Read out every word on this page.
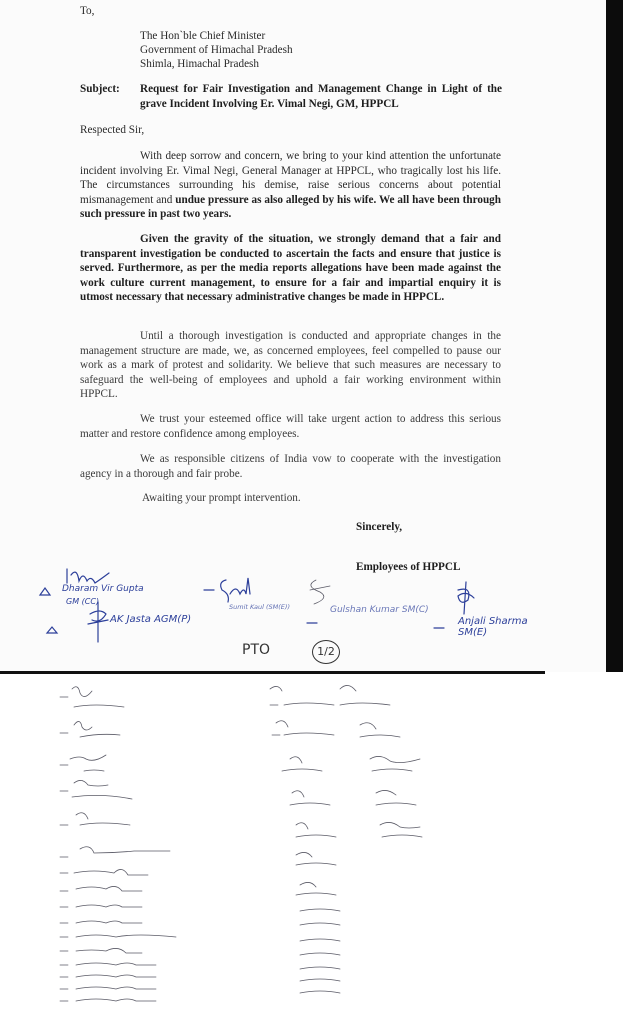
To,
The Hon`ble Chief Minister
Government of Himachal Pradesh
Shimla, Himachal Pradesh
Subject: Request for Fair Investigation and Management Change in Light of the grave Incident Involving Er. Vimal Negi, GM, HPPCL
Respected Sir,
With deep sorrow and concern, we bring to your kind attention the unfortunate incident involving Er. Vimal Negi, General Manager at HPPCL, who tragically lost his life. The circumstances surrounding his demise, raise serious concerns about potential mismanagement and undue pressure as also alleged by his wife. We all have been through such pressure in past two years.
Given the gravity of the situation, we strongly demand that a fair and transparent investigation be conducted to ascertain the facts and ensure that justice is served. Furthermore, as per the media reports allegations have been made against the work culture current management, to ensure for a fair and impartial enquiry it is utmost necessary that necessary administrative changes be made in HPPCL.
Until a thorough investigation is conducted and appropriate changes in the management structure are made, we, as concerned employees, feel compelled to pause our work as a mark of protest and solidarity. We believe that such measures are necessary to safeguard the well-being of employees and uphold a fair working environment within HPPCL.
We trust your esteemed office will take urgent action to address this serious matter and restore confidence among employees.
We as responsible citizens of India vow to cooperate with the investigation agency in a thorough and fair probe.
Awaiting your prompt intervention.
Sincerely,
Employees of HPPCL
Dharam Vir Gupta
GM (CC)
AK Jasta AGM(P)
Sumit Kaul (SM(E))	Gulshan Kumar SM(C)
Anjali Sharma SM(E)
PTO	1/2
